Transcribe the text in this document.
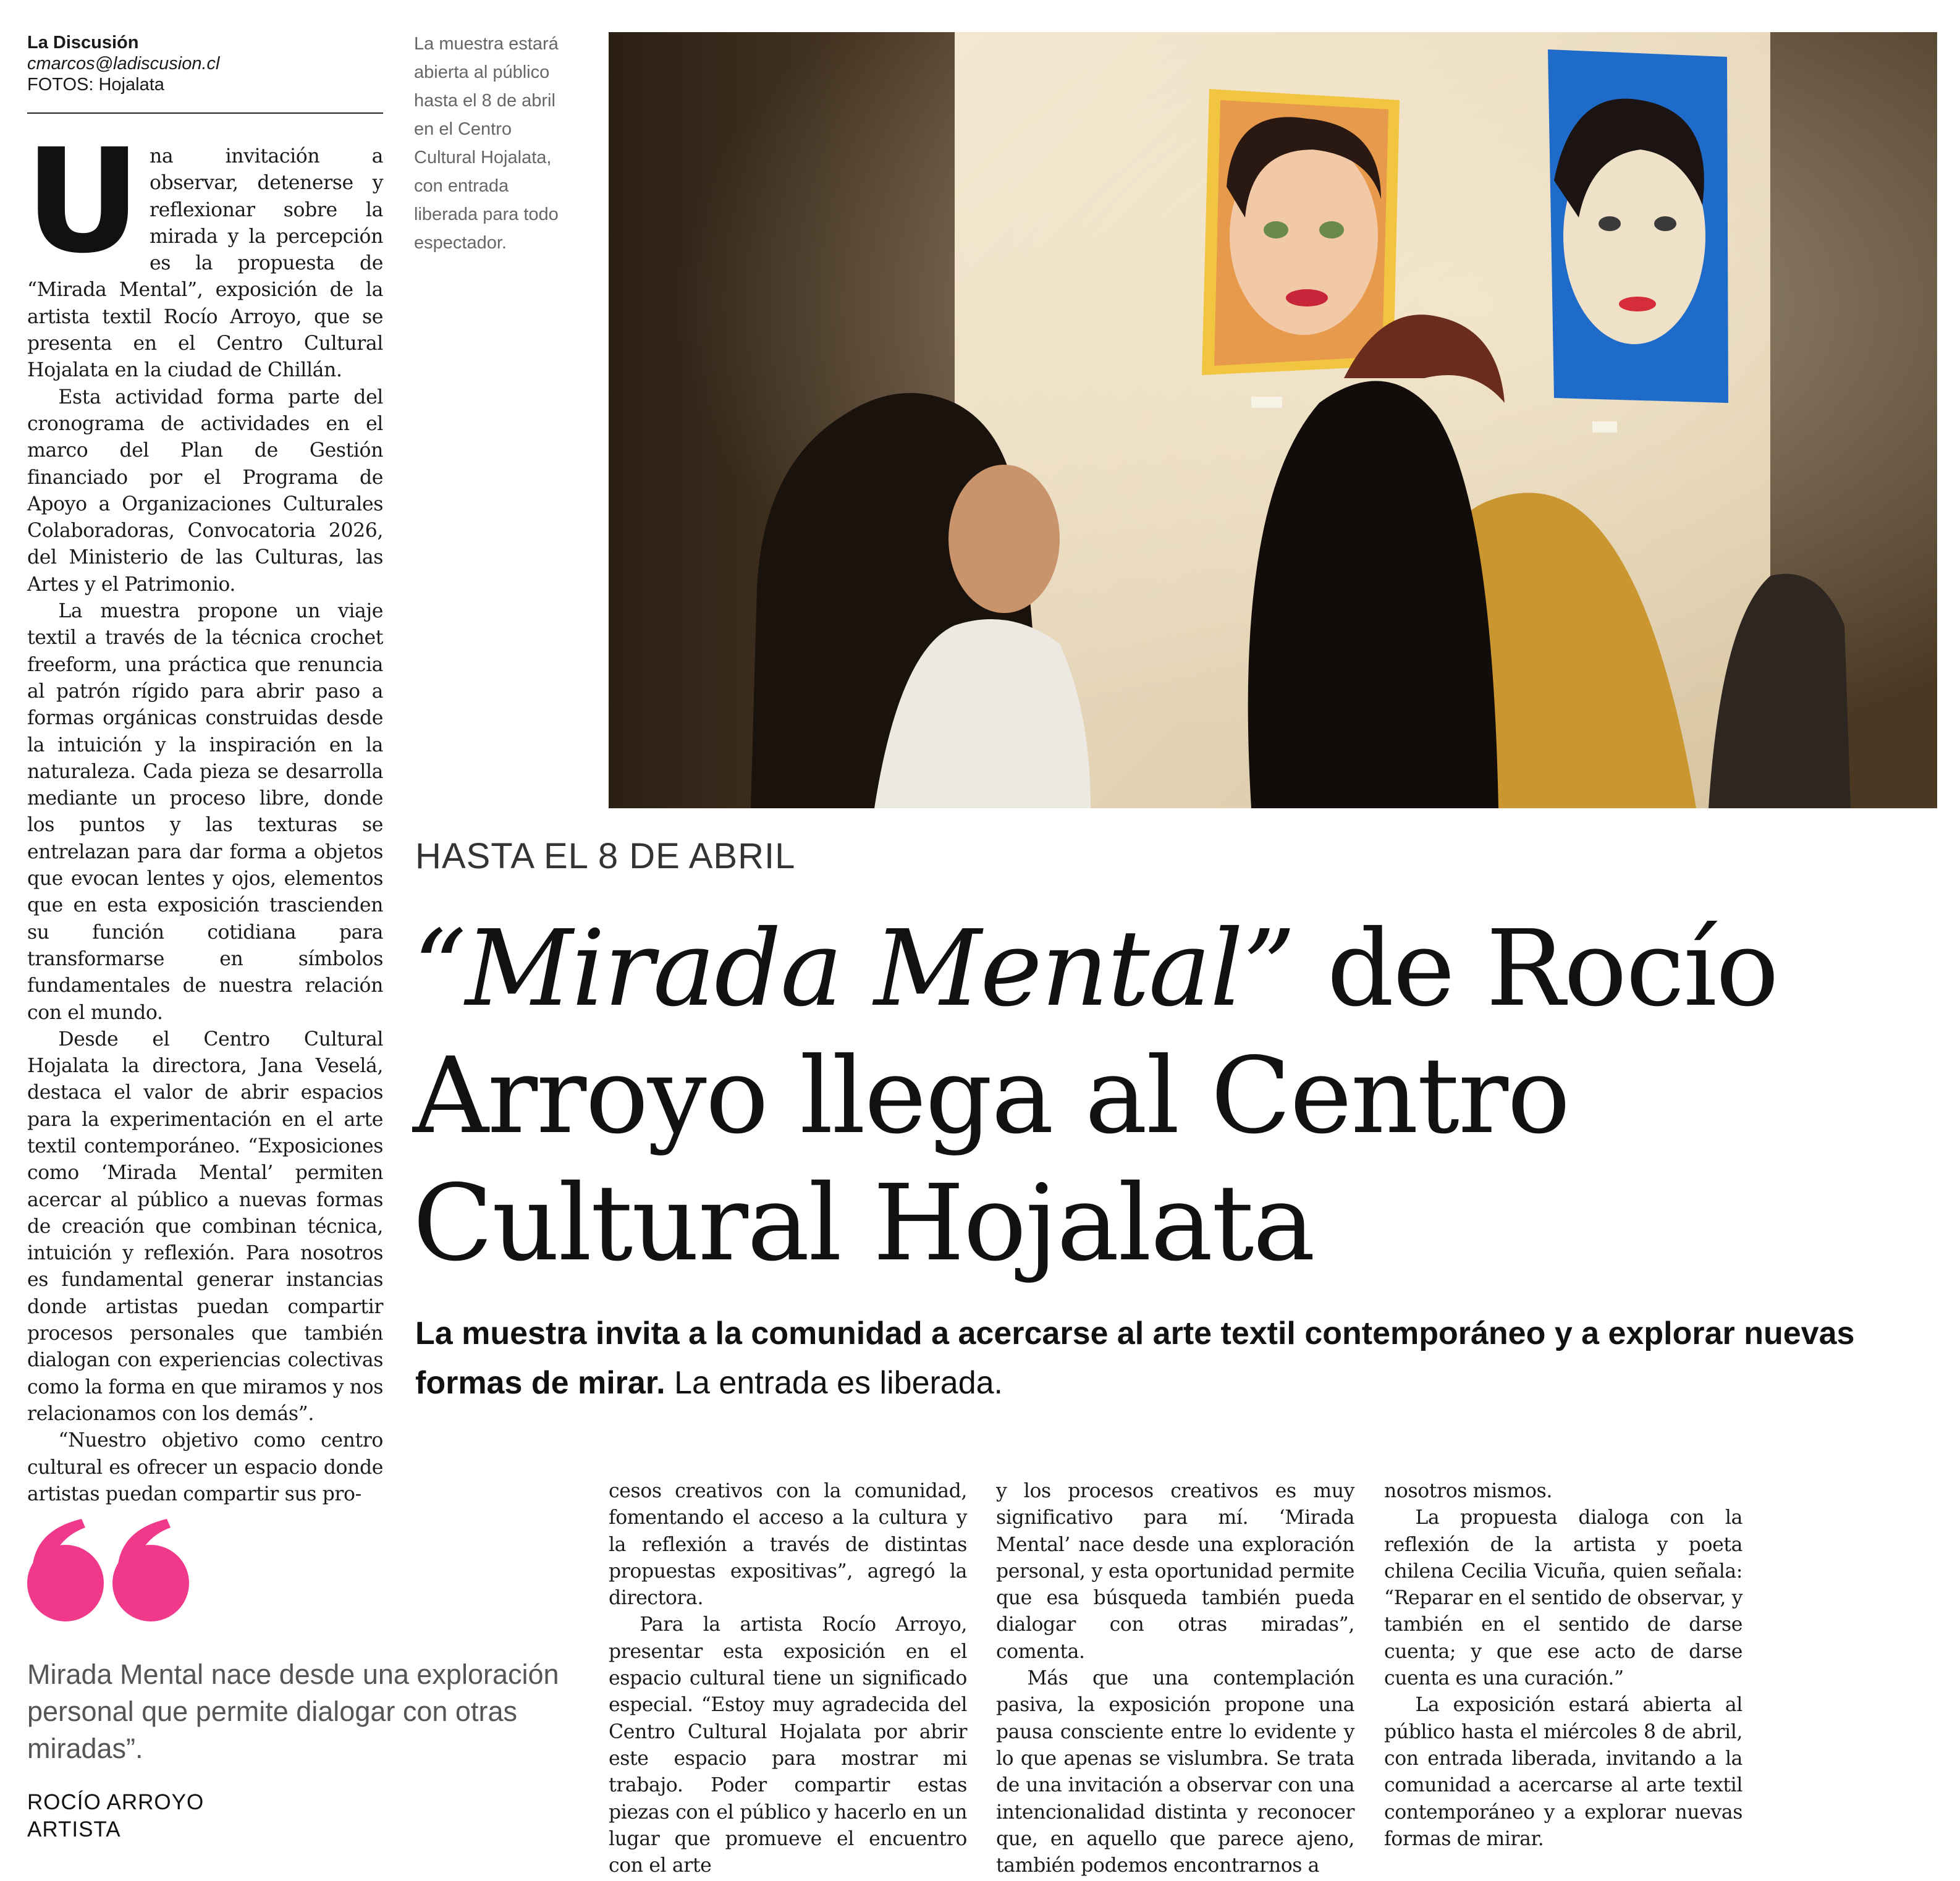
La Discusión
cmarcos@ladiscusion.cl
FOTOS: Hojalata
La muestra estará abierta al público hasta el 8 de abril en el Centro Cultural Hojalata, con entrada liberada para todo espectador.
U na invitación a observar, detenerse y reflexionar sobre la mirada y la percepción es la propuesta de “Mirada Mental”, exposición de la artista textil Rocío Arroyo, que se presenta en el Centro Cultural Hojalata en la ciudad de Chillán.

Esta actividad forma parte del cronograma de actividades en el marco del Plan de Gestión financiado por el Programa de Apoyo a Organizaciones Culturales Colaboradoras, Convocatoria 2026, del Ministerio de las Culturas, las Artes y el Patrimonio.

La muestra propone un viaje textil a través de la técnica crochet freeform, una práctica que renuncia al patrón rígido para abrir paso a formas orgánicas construidas desde la intuición y la inspiración en la naturaleza. Cada pieza se desarrolla mediante un proceso libre, donde los puntos y las texturas se entrelazan para dar forma a objetos que evocan lentes y ojos, elementos que en esta exposición trascienden su función cotidiana para transformarse en símbolos fundamentales de nuestra relación con el mundo.

Desde el Centro Cultural Hojalata la directora, Jana Veselá, destaca el valor de abrir espacios para la experimentación en el arte textil contemporáneo. “Exposiciones como ‘Mirada Mental’ permiten acercar al público a nuevas formas de creación que combinan técnica, intuición y reflexión. Para nosotros es fundamental generar instancias donde artistas puedan compartir procesos personales que también dialogan con experiencias colectivas como la forma en que miramos y nos relacionamos con los demás”.

“Nuestro objetivo como centro cultural es ofrecer un espacio donde artistas puedan compartir sus pro-

HASTA EL 8 DE ABRIL
“Mirada Mental” de Rocío
Arroyo llega al Centro
Cultural Hojalata
La muestra invita a la comunidad a acercarse al arte textil contemporáneo y a explorar nuevas formas de mirar. La entrada es liberada.

cesos creativos con la comunidad, fomentando el acceso a la cultura y la reflexión a través de distintas propuestas expositivas”, agregó la directora.

Para la artista Rocío Arroyo, presentar esta exposición en el espacio cultural tiene un significado especial. “Estoy muy agradecida del Centro Cultural Hojalata por abrir este espacio para mostrar mi trabajo. Poder compartir estas piezas con el público y hacerlo en un lugar que promueve el encuentro con el arte

y los procesos creativos es muy significativo para mí. ‘Mirada Mental’ nace desde una exploración personal, y esta oportunidad permite que esa búsqueda también pueda dialogar con otras miradas”, comenta.

Más que una contemplación pasiva, la exposición propone una pausa consciente entre lo evidente y lo que apenas se vislumbra. Se trata de una invitación a observar con una intencionalidad distinta y reconocer que, en aquello que parece ajeno, también podemos encontrarnos a

nosotros mismos.

La propuesta dialoga con la reflexión de la artista y poeta chilena Cecilia Vicuña, quien señala: “Reparar en el sentido de observar, y también en el sentido de darse cuenta; y que ese acto de darse cuenta es una curación.”

La exposición estará abierta al público hasta el miércoles 8 de abril, con entrada liberada, invitando a la comunidad a acercarse al arte textil contemporáneo y a explorar nuevas formas de mirar.

Mirada Mental nace desde una exploración personal que permite dialogar con otras miradas”.
ROCÍO ARROYO
ARTISTA
